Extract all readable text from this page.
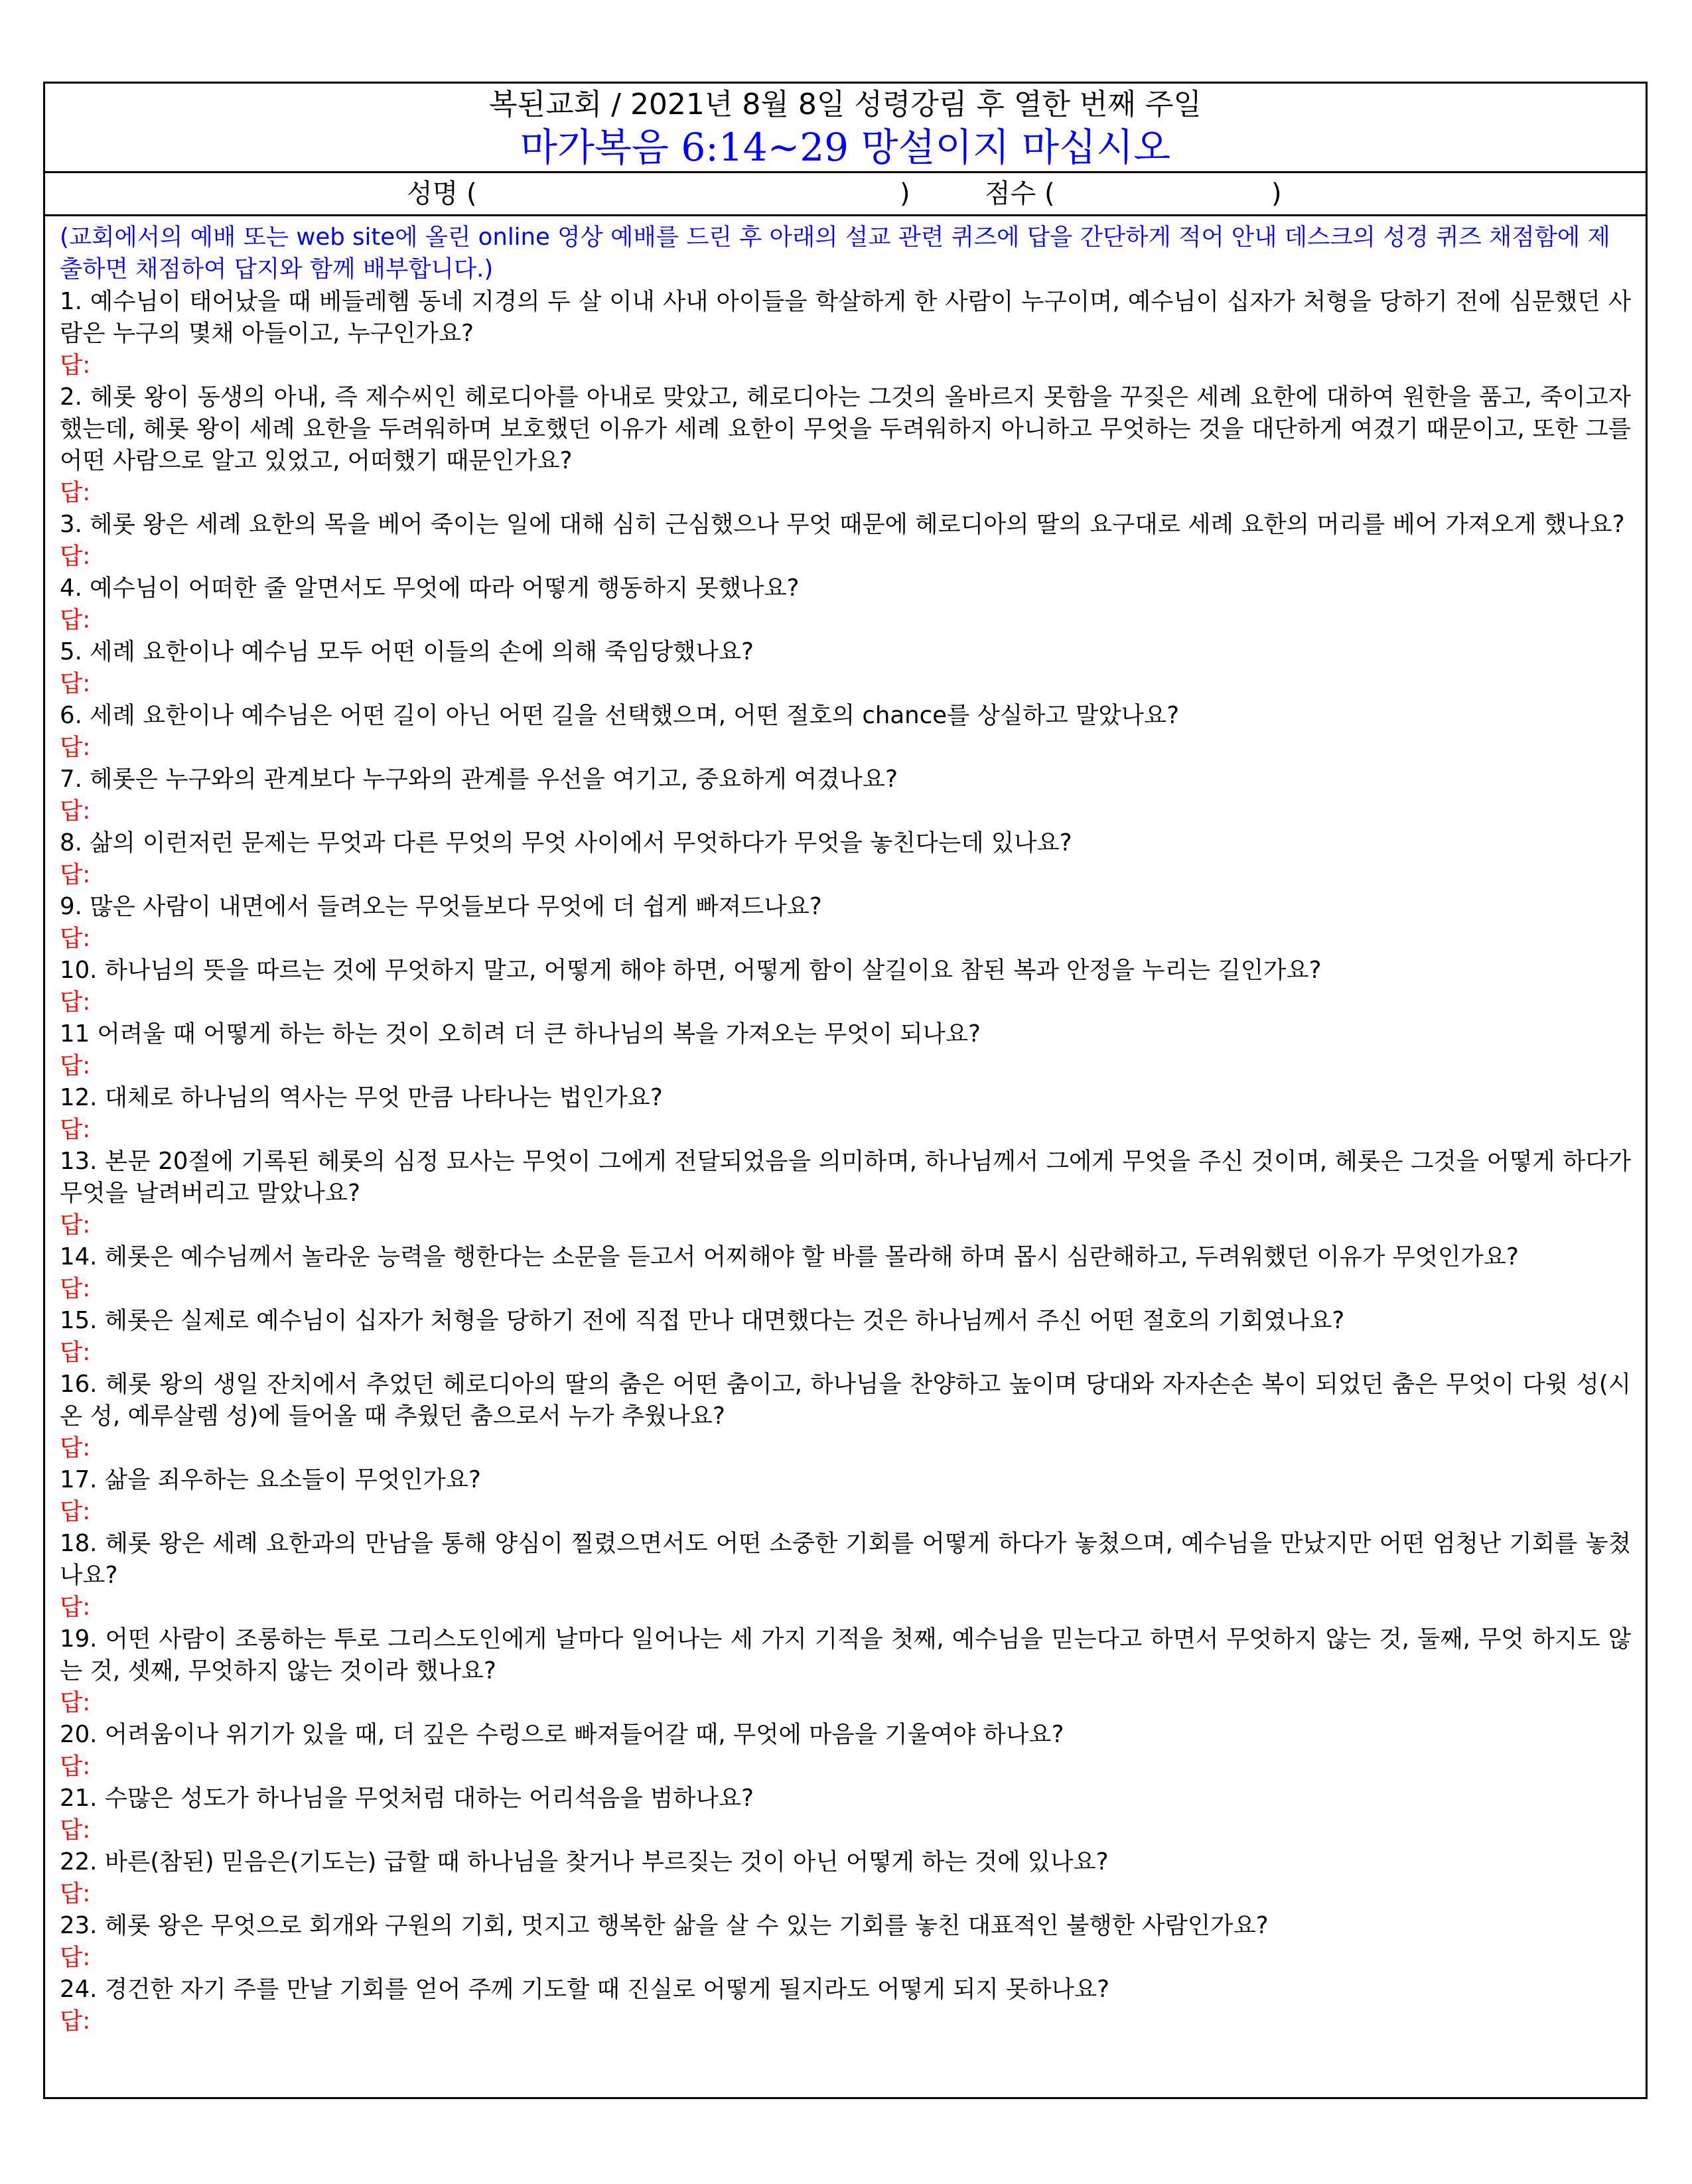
복된교회 / 2021년 8월 8일 성령강림 후 열한 번째 주일
마가복음 6:14~29 망설이지 마십시오
성명 (	)	점수 (	)

(교회에서의 예배 또는 web site에 올린 online 영상 예배를 드린 후 아래의 설교 관련 퀴즈에 답을 간단하게 적어 안내 데스크의 성경 퀴즈 채점함에 제출하면 채점하여 답지와 함께 배부합니다.)

1. 예수님이 태어났을 때 베들레헴 동네 지경의 두 살 이내 사내 아이들을 학살하게 한 사람이 누구이며, 예수님이 십자가 처형을 당하기 전에 심문했던 사람은 누구의 몇채 아들이고, 누구인가요?

답:

2. 헤롯 왕이 동생의 아내, 즉 제수씨인 헤로디아를 아내로 맞았고, 헤로디아는 그것의 올바르지 못함을 꾸짖은 세례 요한에 대하여 원한을 품고, 죽이고자 했는데, 헤롯 왕이 세례 요한을 두려워하며 보호했던 이유가 세례 요한이 무엇을 두려워하지 아니하고 무엇하는 것을 대단하게 여겼기 때문이고, 또한 그를 어떤 사람으로 알고 있었고, 어떠했기 때문인가요?

답:

3. 헤롯 왕은 세례 요한의 목을 베어 죽이는 일에 대해 심히 근심했으나 무엇 때문에 헤로디아의 딸의 요구대로 세례 요한의 머리를 베어 가져오게 했나요?

답:

4. 예수님이 어떠한 줄 알면서도 무엇에 따라 어떻게 행동하지 못했나요?

답:

5. 세례 요한이나 예수님 모두 어떤 이들의 손에 의해 죽임당했나요?

답:

6. 세례 요한이나 예수님은 어떤 길이 아닌 어떤 길을 선택했으며, 어떤 절호의 chance를 상실하고 말았나요?

답:

7. 헤롯은 누구와의 관계보다 누구와의 관계를 우선을 여기고, 중요하게 여겼나요?

답:

8. 삶의 이런저런 문제는 무엇과 다른 무엇의 무엇 사이에서 무엇하다가 무엇을 놓친다는데 있나요?

답:

9. 많은 사람이 내면에서 들려오는 무엇들보다 무엇에 더 쉽게 빠져드나요?

답:

10. 하나님의 뜻을 따르는 것에 무엇하지 말고, 어떻게 해야 하면, 어떻게 함이 살길이요 참된 복과 안정을 누리는 길인가요?

답:

11 어려울 때 어떻게 하는 하는 것이 오히려 더 큰 하나님의 복을 가져오는 무엇이 되나요?

답:

12. 대체로 하나님의 역사는 무엇 만큼 나타나는 법인가요?

답:

13. 본문 20절에 기록된 헤롯의 심정 묘사는 무엇이 그에게 전달되었음을 의미하며, 하나님께서 그에게 무엇을 주신 것이며, 헤롯은 그것을 어떻게 하다가 무엇을 날려버리고 말았나요?

답:

14. 헤롯은 예수님께서 놀라운 능력을 행한다는 소문을 듣고서 어찌해야 할 바를 몰라해 하며 몹시 심란해하고, 두려워했던 이유가 무엇인가요?

답:

15. 헤롯은 실제로 예수님이 십자가 처형을 당하기 전에 직접 만나 대면했다는 것은 하나님께서 주신 어떤 절호의 기회였나요?

답:

16. 헤롯 왕의 생일 잔치에서 추었던 헤로디아의 딸의 춤은 어떤 춤이고, 하나님을 찬양하고 높이며 당대와 자자손손 복이 되었던 춤은 무엇이 다윗 성(시온 성, 예루살렘 성)에 들어올 때 추웠던 춤으로서 누가 추웠나요?

답:

17. 삶을 죄우하는 요소들이 무엇인가요?

답:

18. 헤롯 왕은 세례 요한과의 만남을 통해 양심이 찔렸으면서도 어떤 소중한 기회를 어떻게 하다가 놓쳤으며, 예수님을 만났지만 어떤 엄청난 기회를 놓쳤나요?

답:

19. 어떤 사람이 조롱하는 투로 그리스도인에게 날마다 일어나는 세 가지 기적을 첫째, 예수님을 믿는다고 하면서 무엇하지 않는 것, 둘째, 무엇 하지도 않는 것, 셋째, 무엇하지 않는 것이라 했나요?

답:

20. 어려움이나 위기가 있을 때, 더 깊은 수렁으로 빠져들어갈 때, 무엇에 마음을 기울여야 하나요?

답:

21. 수많은 성도가 하나님을 무엇처럼 대하는 어리석음을 범하나요?

답:

22. 바른(참된) 믿음은(기도는) 급할 때 하나님을 찾거나 부르짖는 것이 아닌 어떻게 하는 것에 있나요?

답:

23. 헤롯 왕은 무엇으로 회개와 구원의 기회, 멋지고 행복한 삶을 살 수 있는 기회를 놓친 대표적인 불행한 사람인가요?

답:

24. 경건한 자기 주를 만날 기회를 얻어 주께 기도할 때 진실로 어떻게 될지라도 어떻게 되지 못하나요?

답:
